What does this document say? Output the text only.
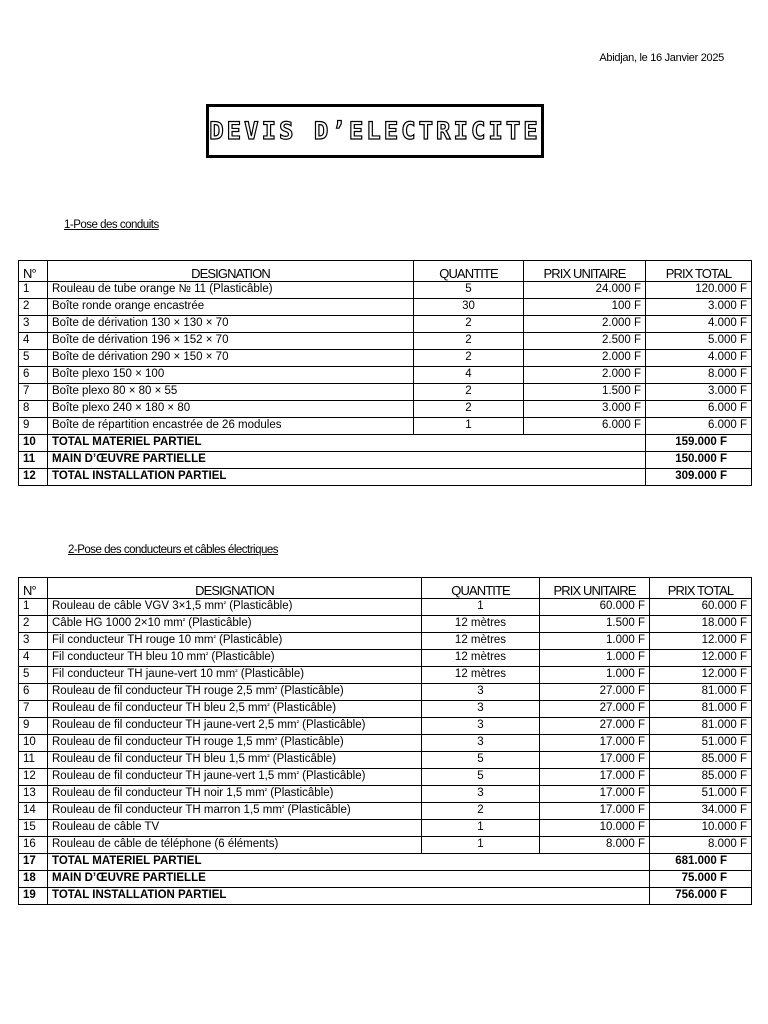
Abidjan, le 16 Janvier 2025
DEVIS D’ELECTRICITE
1-Pose des conduits
N°	DESIGNATION	QUANTITE	PRIX UNITAIRE	PRIX TOTAL
1	Rouleau de tube orange № 11 (Plasticâble)	5	24.000 F	120.000 F
2	Boîte ronde orange encastrée	30	100 F	3.000 F
3	Boîte de dérivation 130 × 130 × 70	2	2.000 F	4.000 F
4	Boîte de dérivation 196 × 152 × 70	2	2.500 F	5.000 F
5	Boîte de dérivation 290 × 150 × 70	2	2.000 F	4.000 F
6	Boîte plexo 150 × 100	4	2.000 F	8.000 F
7	Boîte plexo 80 × 80 × 55	2	1.500 F	3.000 F
8	Boîte plexo 240 × 180 × 80	2	3.000 F	6.000 F
9	Boîte de répartition encastrée de 26 modules	1	6.000 F	6.000 F
10	TOTAL MATERIEL PARTIEL			159.000 F
11	MAIN D’ŒUVRE PARTIELLE			150.000 F
12	TOTAL INSTALLATION PARTIEL			309.000 F
2-Pose des conducteurs et câbles électriques
N°	DESIGNATION	QUANTITE	PRIX UNITAIRE	PRIX TOTAL
1	Rouleau de câble VGV 3×1,5 $mm^{^2}$ (Plasticâble)	1	60.000 F	60.000 F
2	Câble HG 1000 2×10 $mm^{^2}$ (Plasticâble)	12 mètres	1.500 F	18.000 F
3	Fil conducteur TH rouge 10 $mm^{^2}$ (Plasticâble)	12 mètres	1.000 F	12.000 F
4	Fil conducteur TH bleu 10 $mm^{^2}$ (Plasticâble)	12 mètres	1.000 F	12.000 F
5	Fil conducteur TH jaune-vert 10 $mm^{^2}$ (Plasticâble)	12 mètres	1.000 F	12.000 F
6	Rouleau de fil conducteur TH rouge 2,5 $mm^{^2}$ (Plasticâble)	3	27.000 F	81.000 F
7	Rouleau de fil conducteur TH bleu 2,5 $mm^{^2}$ (Plasticâble)	3	27.000 F	81.000 F
9	Rouleau de fil conducteur TH jaune-vert 2,5 $mm^{^2}$ (Plasticâble)	3	27.000 F	81.000 F
10	Rouleau de fil conducteur TH rouge 1,5 $mm^{^2}$ (Plasticâble)	3	17.000 F	51.000 F
11	Rouleau de fil conducteur TH bleu 1,5 $mm^{^2}$ (Plasticâble)	5	17.000 F	85.000 F
12	Rouleau de fil conducteur TH jaune-vert 1,5 $mm^{^2}$ (Plasticâble)	5	17.000 F	85.000 F
13	Rouleau de fil conducteur TH noir 1,5 $mm^{^2}$ (Plasticâble)	3	17.000 F	51.000 F
14	Rouleau de fil conducteur TH marron 1,5 $mm^{^2}$ (Plasticâble)	2	17.000 F	34.000 F
15	Rouleau de câble TV	1	10.000 F	10.000 F
16	Rouleau de câble de téléphone (6 éléments)	1	8.000 F	8.000 F
17	TOTAL MATERIEL PARTIEL			681.000 F
18	MAIN D’ŒUVRE PARTIELLE			75.000 F
19	TOTAL INSTALLATION PARTIEL			756.000 F
